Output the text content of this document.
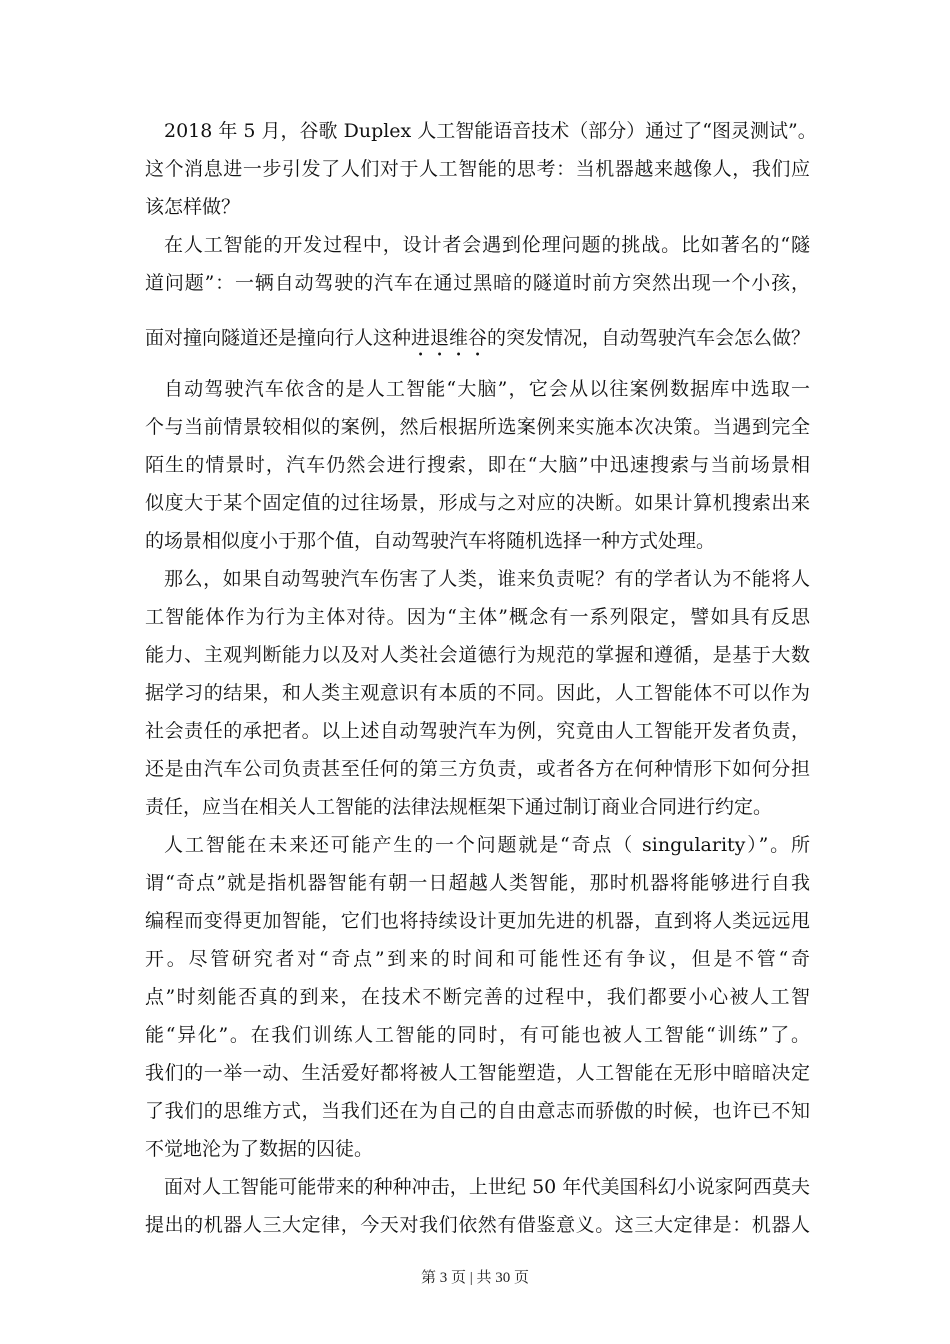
2018 年 5 月，谷歌 Duplex 人工智能语音技术（部分）通过了“图灵测试”。
这个消息进一步引发了人们对于人工智能的思考：当机器越来越像人，我们应
该怎样做？
在人工智能的开发过程中，设计者会遇到伦理问题的挑战。比如著名的“隧
道问题”：一辆自动驾驶的汽车在通过黑暗的隧道时前方突然出现一个小孩，
面对撞向隧道还是撞向行人这种进退维谷
• • • •
的突发情况，自动驾驶汽车会怎么做？
自动驾驶汽车依含的是人工智能“大脑”，它会从以往案例数据库中选取一
个与当前情景较相似的案例，然后根据所选案例来实施本次决策。当遇到完全
陌生的情景时，汽车仍然会进行搜索，即在“大脑”中迅速搜索与当前场景相
似度大于某个固定值的过往场景，形成与之对应的决断。如果计算机搜索出来
的场景相似度小于那个值，自动驾驶汽车将随机选择一种方式处理。
那么，如果自动驾驶汽车伤害了人类，谁来负责呢？有的学者认为不能将人
工智能体作为行为主体对待。因为“主体”概念有一系列限定，譬如具有反思
能力、主观判断能力以及对人类社会道德行为规范的掌握和遵循，是基于大数
据学习的结果，和人类主观意识有本质的不同。因此，人工智能体不可以作为
社会责任的承把者。以上述自动驾驶汽车为例，究竟由人工智能开发者负责，
还是由汽车公司负责甚至任何的第三方负责，或者各方在何种情形下如何分担
责任，应当在相关人工智能的法律法规框架下通过制订商业合同进行约定。
人工智能在未来还可能产生的一个问题就是“奇点（ singularity）”。所
谓“奇点”就是指机器智能有朝一日超越人类智能，那时机器将能够进行自我
编程而变得更加智能，它们也将持续设计更加先进的机器，直到将人类远远甩
开。尽管研究者对“奇点”到来的时间和可能性还有争议，但是不管“奇
点”时刻能否真的到来，在技术不断完善的过程中，我们都要小心被人工智
能“异化”。在我们训练人工智能的同时，有可能也被人工智能“训练”了。
我们的一举一动、生活爱好都将被人工智能塑造，人工智能在无形中暗暗决定
了我们的思维方式，当我们还在为自己的自由意志而骄傲的时候，也许已不知
不觉地沦为了数据的囚徒。
面对人工智能可能带来的种种冲击，上世纪 50 年代美国科幻小说家阿西莫夫
提出的机器人三大定律，今天对我们依然有借鉴意义。这三大定律是：机器人
第 3 页 | 共 30 页
